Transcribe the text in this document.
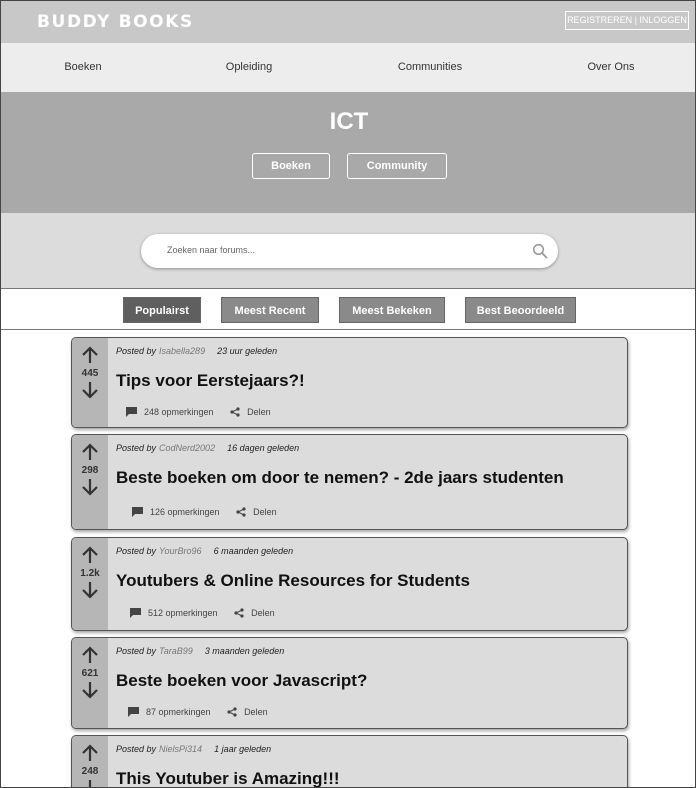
BUDDY BOOKS	REGISTREREN | INLOGGEN
Boeken	Opleiding	Communities	Over Ons
ICT
Boeken	Community
Zoeken naar forums...
Populairst	Meest Recent	Meest Bekeken	Best Beoordeeld
445
Posted by Isabella289 23 uur geleden
Tips voor Eerstejaars?!
248 opmerkingen
	Delen
298
Posted by CodNerd2002 16 dagen geleden
Beste boeken om door te nemen? - 2de jaars studenten
126 opmerkingen
	Delen
1.2k
Posted by YourBro96 6 maanden geleden
Youtubers & Online Resources for Students
512 opmerkingen
	Delen
621
Posted by TaraB99 3 maanden geleden
Beste boeken voor Javascript?
87 opmerkingen
	Delen
248
Posted by NielsPi314 1 jaar geleden
This Youtuber is Amazing!!!
